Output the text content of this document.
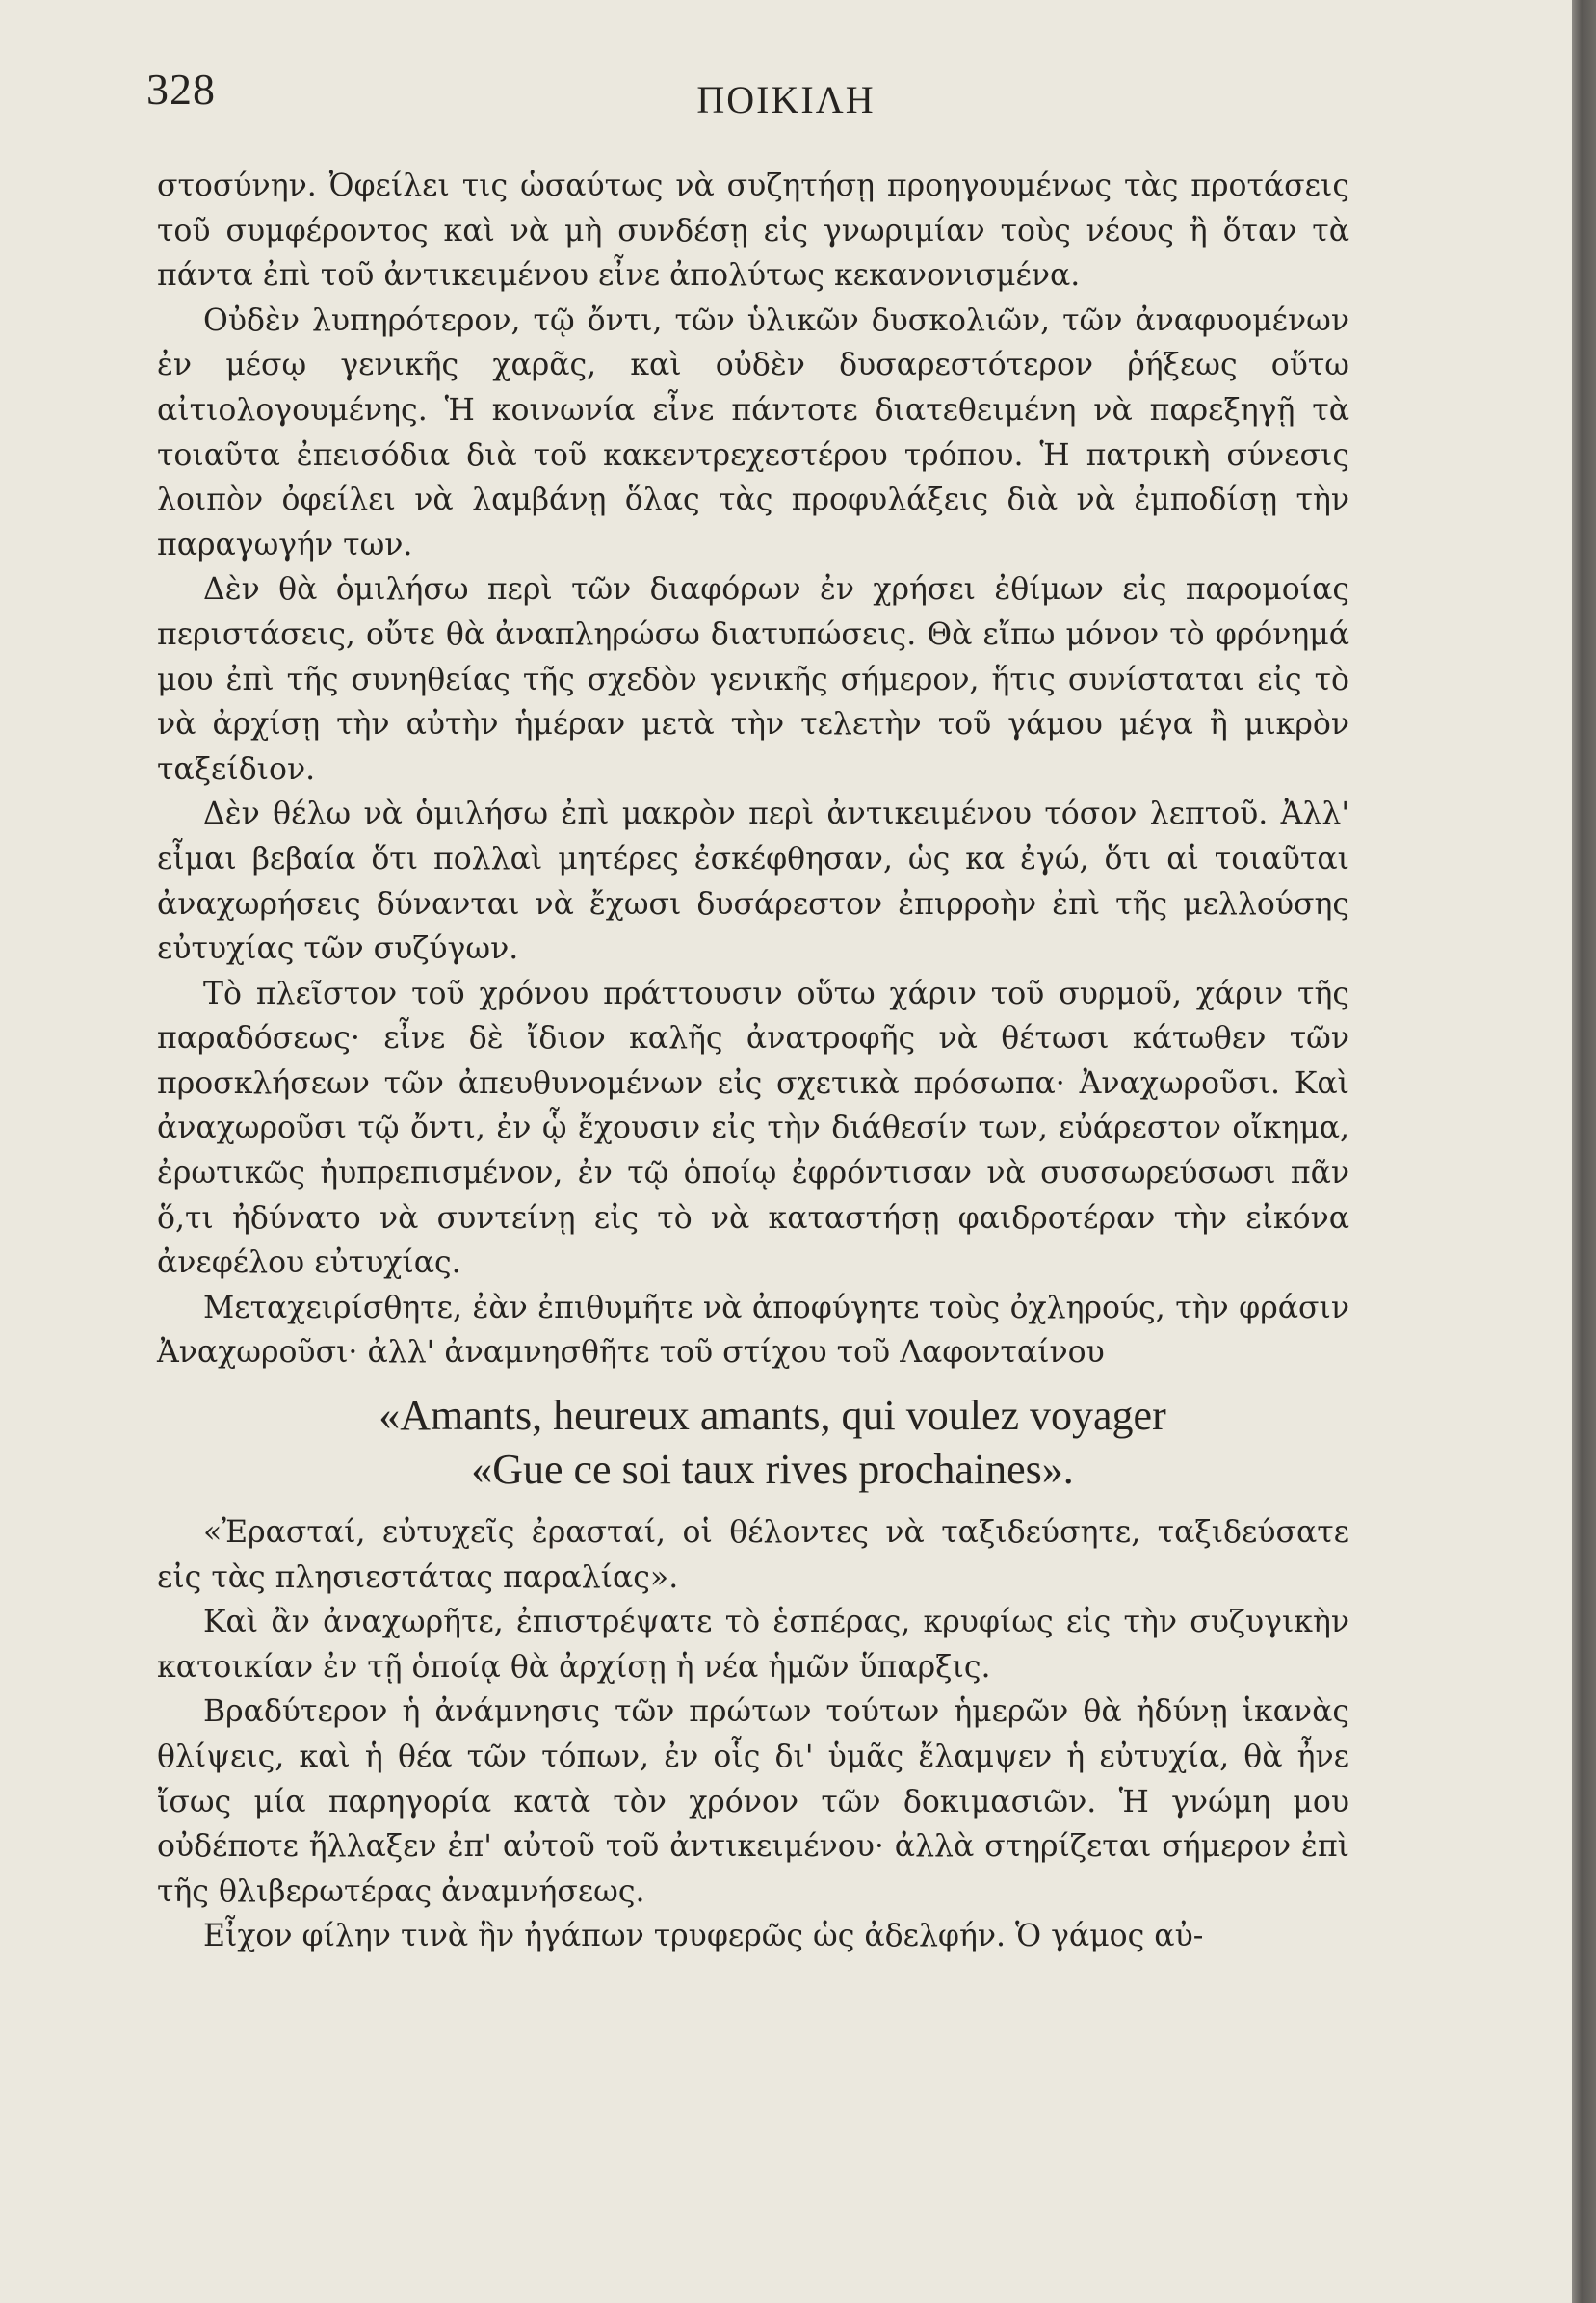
328	ΠΟΙΚΙΛΗ

στοσύνην. Ὀφείλει τις ὡσαύτως νὰ συζητήσῃ προηγουμένως τὰς προτάσεις τοῦ συμφέροντος καὶ νὰ μὴ συνδέσῃ εἰς γνωριμίαν τοὺς νέους ἢ ὅταν τὰ πάντα ἐπὶ τοῦ ἀντικειμένου εἶνε ἀπολύτως κεκανονισμένα.

Οὐδὲν λυπηρότερον, τῷ ὄντι, τῶν ὑλικῶν δυσκολιῶν, τῶν ἀναφυομένων ἐν μέσῳ γενικῆς χαρᾶς, καὶ οὐδὲν δυσαρεστότερον ῥήξεως οὕτω αἰτιολογουμένης. Ἡ κοινωνία εἶνε πάντοτε διατεθειμένη νὰ παρεξηγῇ τὰ τοιαῦτα ἐπεισόδια διὰ τοῦ κακεντρεχεστέρου τρόπου. Ἡ πατρικὴ σύνεσις λοιπὸν ὀφείλει νὰ λαμβάνῃ ὅλας τὰς προφυλάξεις διὰ νὰ ἐμποδίσῃ τὴν παραγωγήν των.

Δὲν θὰ ὁμιλήσω περὶ τῶν διαφόρων ἐν χρήσει ἐθίμων εἰς παρομοίας περιστάσεις, οὔτε θὰ ἀναπληρώσω διατυπώσεις. Θὰ εἴπω μόνον τὸ φρόνημά μου ἐπὶ τῆς συνηθείας τῆς σχεδὸν γενικῆς σήμερον, ἥτις συνίσταται εἰς τὸ νὰ ἀρχίσῃ τὴν αὐτὴν ἡμέραν μετὰ τὴν τελετὴν τοῦ γάμου μέγα ἢ μικρὸν ταξείδιον.

Δὲν θέλω νὰ ὁμιλήσω ἐπὶ μακρὸν περὶ ἀντικειμένου τόσον λεπτοῦ. Ἀλλ' εἶμαι βεβαία ὅτι πολλαὶ μητέρες ἐσκέφθησαν, ὡς κα ἐγώ, ὅτι αἱ τοιαῦται ἀναχωρήσεις δύνανται νὰ ἔχωσι δυσάρεστον ἐπιρροὴν ἐπὶ τῆς μελλούσης εὐτυχίας τῶν συζύγων.

Τὸ πλεῖστον τοῦ χρόνου πράττουσιν οὕτω χάριν τοῦ συρμοῦ, χάριν τῆς παραδόσεως· εἶνε δὲ ἴδιον καλῆς ἀνατροφῆς νὰ θέτωσι κάτωθεν τῶν προσκλήσεων τῶν ἀπευθυνομένων εἰς σχετικὰ πρόσωπα· Ἀναχωροῦσι. Καὶ ἀναχωροῦσι τῷ ὄντι, ἐν ᾧ ἔχουσιν εἰς τὴν διάθεσίν των, εὐάρεστον οἴκημα, ἐρωτικῶς ἠυπρεπισμένον, ἐν τῷ ὁποίῳ ἐφρόντισαν νὰ συσσωρεύσωσι πᾶν ὅ,τι ἠδύνατο νὰ συντείνῃ εἰς τὸ νὰ καταστήσῃ φαιδροτέραν τὴν εἰκόνα ἀνεφέλου εὐτυχίας.

Μεταχειρίσθητε, ἐὰν ἐπιθυμῆτε νὰ ἀποφύγητε τοὺς ὀχληρούς, τὴν φράσιν Ἀναχωροῦσι· ἀλλ' ἀναμνησθῆτε τοῦ στίχου τοῦ Λαφονταίνου

«Amants, heureux amants, qui voulez voyager
«Gue ce soi taux rives prochaines».

«Ἐρασταί, εὐτυχεῖς ἐρασταί, οἱ θέλοντες νὰ ταξιδεύσητε, ταξιδεύσατε εἰς τὰς πλησιεστάτας παραλίας».

Καὶ ἂν ἀναχωρῆτε, ἐπιστρέψατε τὸ ἑσπέρας, κρυφίως εἰς τὴν συζυγικὴν κατοικίαν ἐν τῇ ὁποίᾳ θὰ ἀρχίσῃ ἡ νέα ἡμῶν ὕπαρξις.

Βραδύτερον ἡ ἀνάμνησις τῶν πρώτων τούτων ἡμερῶν θὰ ἠδύνῃ ἱκανὰς θλίψεις, καὶ ἡ θέα τῶν τόπων, ἐν οἷς δι' ὑμᾶς ἔλαμψεν ἡ εὐτυχία, θὰ ἦνε ἴσως μία παρηγορία κατὰ τὸν χρόνον τῶν δοκιμασιῶν. Ἡ γνώμη μου οὐδέποτε ἤλλαξεν ἐπ' αὐτοῦ τοῦ ἀντικειμένου· ἀλλὰ στηρίζεται σήμερον ἐπὶ τῆς θλιβερωτέρας ἀναμνήσεως.

Εἶχον φίλην τινὰ ἣν ἠγάπων τρυφερῶς ὡς ἀδελφήν. Ὁ γάμος αὐ-
